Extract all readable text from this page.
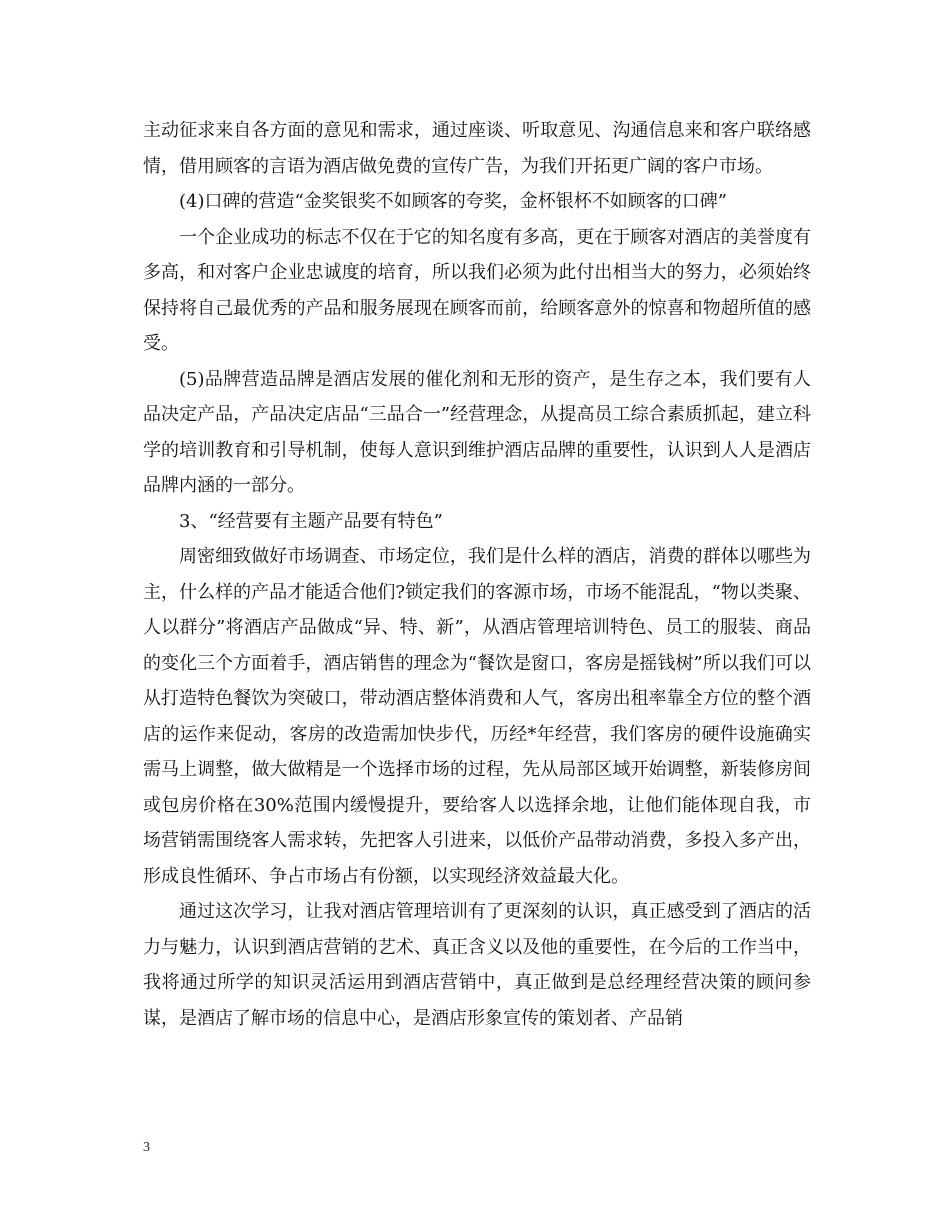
主动征求来自各方面的意见和需求，通过座谈、听取意见、沟通信息来和客户联络感情，借用顾客的言语为酒店做免费的宣传广告，为我们开拓更广阔的客户市场。

(4)口碑的营造“金奖银奖不如顾客的夸奖，金杯银杯不如顾客的口碑”

一个企业成功的标志不仅在于它的知名度有多高，更在于顾客对酒店的美誉度有多高，和对客户企业忠诚度的培育，所以我们必须为此付出相当大的努力，必须始终保持将自己最优秀的产品和服务展现在顾客而前，给顾客意外的惊喜和物超所值的感受。

(5)品牌营造品牌是酒店发展的催化剂和无形的资产，是生存之本，我们要有人品决定产品，产品决定店品“三品合一”经营理念，从提高员工综合素质抓起，建立科学的培训教育和引导机制，使每人意识到维护酒店品牌的重要性，认识到人人是酒店品牌内涵的一部分。

3、“经营要有主题产品要有特色”

周密细致做好市场调查、市场定位，我们是什么样的酒店，消费的群体以哪些为主，什么样的产品才能适合他们?锁定我们的客源市场，市场不能混乱，“物以类聚、人以群分”将酒店产品做成“异、特、新”，从酒店管理培训特色、员工的服装、商品的变化三个方面着手，酒店销售的理念为“餐饮是窗口，客房是摇钱树”所以我们可以从打造特色餐饮为突破口，带动酒店整体消费和人气，客房出租率靠全方位的整个酒店的运作来促动，客房的改造需加快步代，历经*年经营，我们客房的硬件设施确实需马上调整，做大做精是一个选择市场的过程，先从局部区域开始调整，新装修房间或包房价格在30%范围内缓慢提升，要给客人以选择余地，让他们能体现自我，市场营销需围绕客人需求转，先把客人引进来，以低价产品带动消费，多投入多产出，形成良性循环、争占市场占有份额，以实现经济效益最大化。

通过这次学习，让我对酒店管理培训有了更深刻的认识，真正感受到了酒店的活力与魅力，认识到酒店营销的艺术、真正含义以及他的重要性，在今后的工作当中，我将通过所学的知识灵活运用到酒店营销中，真正做到是总经理经营决策的顾问参谋，是酒店了解市场的信息中心，是酒店形象宣传的策划者、产品销

3
